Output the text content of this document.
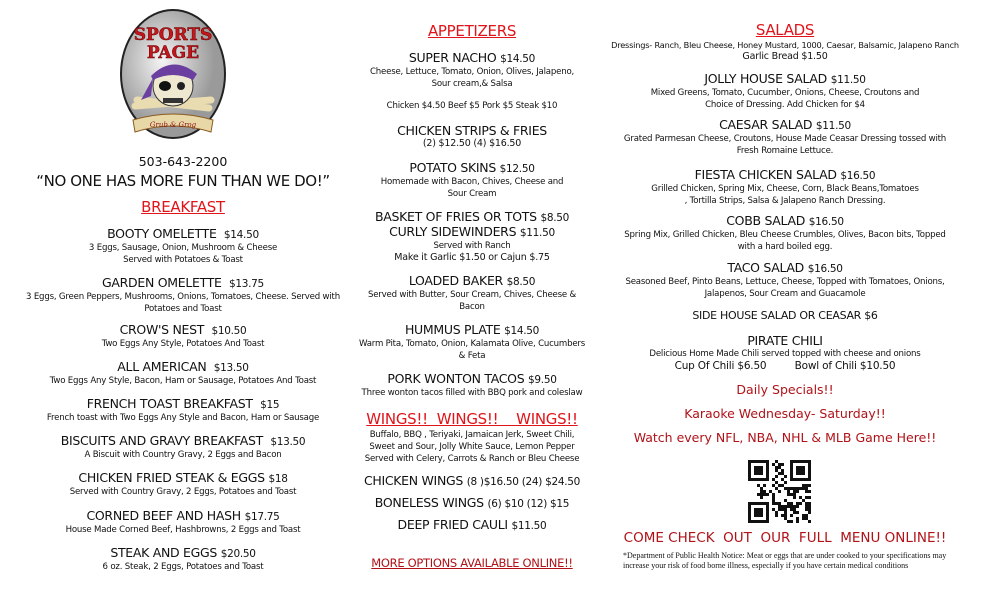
SPORTS
PAGE
Grub & Grog
503-643-2200
“NO ONE HAS MORE FUN THAN WE DO!”
BREAKFAST
BOOTY OMELETTE $14.50
3 Eggs, Sausage, Onion, Mushroom & Cheese
Served with Potatoes & Toast
GARDEN OMELETTE $13.75
3 Eggs, Green Peppers, Mushrooms, Onions, Tomatoes, Cheese. Served with
Potatoes and Toast
CROW'S NEST $10.50
Two Eggs Any Style, Potatoes And Toast
ALL AMERICAN $13.50
Two Eggs Any Style, Bacon, Ham or Sausage, Potatoes And Toast
FRENCH TOAST BREAKFAST $15
French toast with Two Eggs Any Style and Bacon, Ham or Sausage
BISCUITS AND GRAVY BREAKFAST $13.50
A Biscuit with Country Gravy, 2 Eggs and Bacon
CHICKEN FRIED STEAK & EGGS $18
Served with Country Gravy, 2 Eggs, Potatoes and Toast
CORNED BEEF AND HASH $17.75
House Made Corned Beef, Hashbrowns, 2 Eggs and Toast
STEAK AND EGGS $20.50
6 oz. Steak, 2 Eggs, Potatoes and Toast
APPETIZERS
SUPER NACHO $14.50
Cheese, Lettuce, Tomato, Onion, Olives, Jalapeno,
Sour cream,& Salsa
Chicken $4.50 Beef $5 Pork $5 Steak $10
CHICKEN STRIPS & FRIES
(2) $12.50 (4) $16.50
POTATO SKINS $12.50
Homemade with Bacon, Chives, Cheese and
Sour Cream
BASKET OF FRIES OR TOTS $8.50
CURLY SIDEWINDERS $11.50
Served with Ranch
Make it Garlic $1.50 or Cajun $.75
LOADED BAKER $8.50
Served with Butter, Sour Cream, Chives, Cheese &
Bacon
HUMMUS PLATE $14.50
Warm Pita, Tomato, Onion, Kalamata Olive, Cucumbers
& Feta
PORK WONTON TACOS $9.50
Three wonton tacos filled with BBQ pork and coleslaw
WINGS!!  WINGS!!    WINGS!!
Buffalo, BBQ , Teriyaki, Jamaican Jerk, Sweet Chili,
Sweet and Sour, Jolly White Sauce, Lemon Pepper
Served with Celery, Carrots & Ranch or Bleu Cheese
CHICKEN WINGS (8 )$16.50 (24) $24.50
BONELESS WINGS (6) $10 (12) $15
DEEP FRIED CAULI $11.50
MORE OPTIONS AVAILABLE ONLINE!!
SALADS
Dressings- Ranch, Bleu Cheese, Honey Mustard, 1000, Caesar, Balsamic, Jalapeno Ranch
Garlic Bread $1.50
JOLLY HOUSE SALAD $11.50
Mixed Greens, Tomato, Cucumber, Onions, Cheese, Croutons and
Choice of Dressing. Add Chicken for $4
CAESAR SALAD $11.50
Grated Parmesan Cheese, Croutons, House Made Ceasar Dressing tossed with
Fresh Romaine Lettuce.
FIESTA CHICKEN SALAD $16.50
Grilled Chicken, Spring Mix, Cheese, Corn, Black Beans,Tomatoes
, Tortilla Strips, Salsa & Jalapeno Ranch Dressing.
COBB SALAD $16.50
Spring Mix, Grilled Chicken, Bleu Cheese Crumbles, Olives, Bacon bits, Topped
with a hard boiled egg.
TACO SALAD $16.50
Seasoned Beef, Pinto Beans, Lettuce, Cheese, Topped with Tomatoes, Onions,
Jalapenos, Sour Cream and Guacamole
SIDE HOUSE SALAD OR CEASAR $6
PIRATE CHILI
Delicious Home Made Chili served topped with cheese and onions
Cup Of Chili $6.50	Bowl of Chili $10.50
Daily Specials!!
Karaoke Wednesday- Saturday!!
Watch every NFL, NBA, NHL & MLB Game Here!!
COME CHECK  OUT  OUR  FULL  MENU ONLINE!!
*Department of Public Health Notice: Meat or eggs that are under cooked to your specifications may
increase your risk of food borne illness, especially if you have certain medical conditions
